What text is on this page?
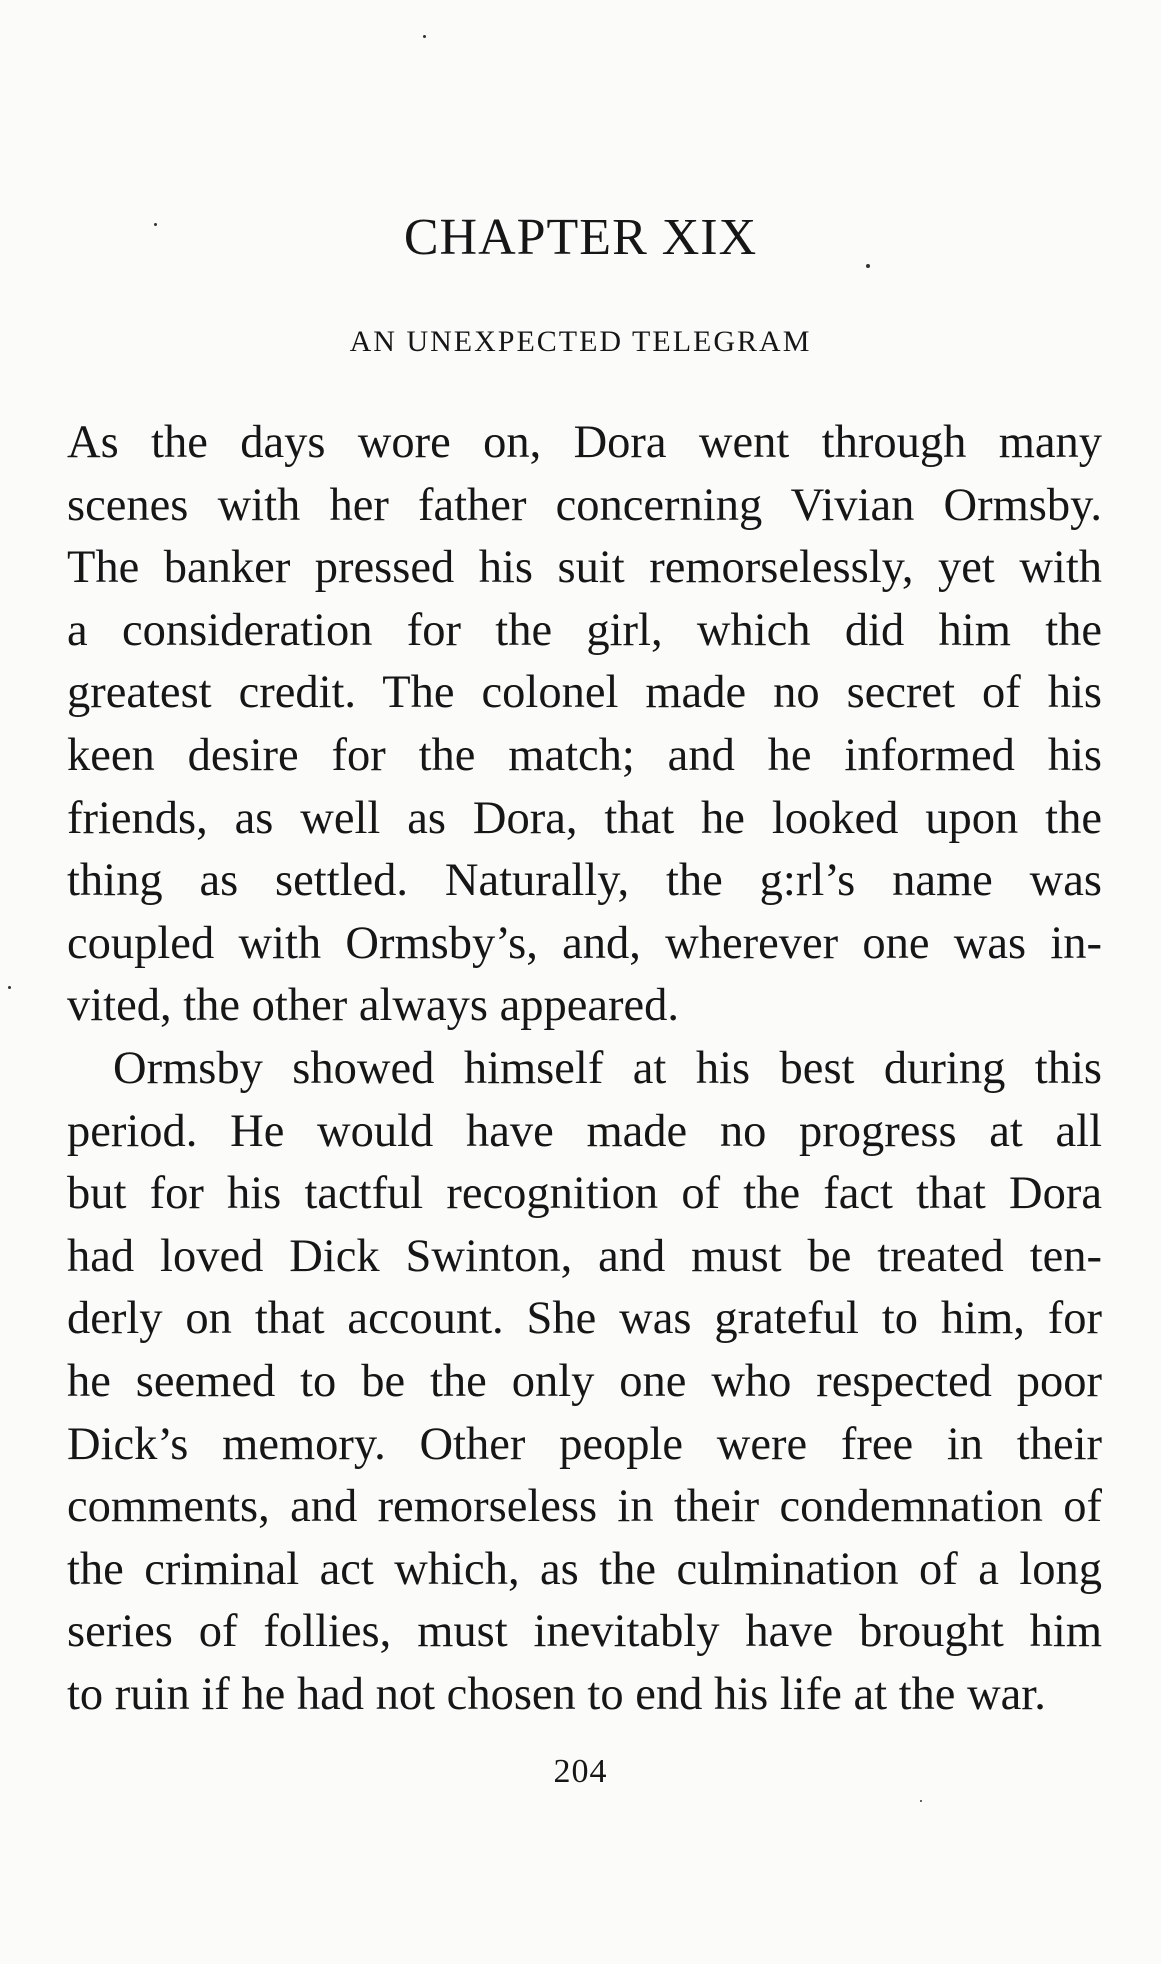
CHAPTER XIX
AN UNEXPECTED TELEGRAM

As the days wore on, Dora went through many
scenes with her father concerning Vivian Ormsby.
The banker pressed his suit remorselessly, yet with
a consideration for the girl, which did him the
greatest credit. The colonel made no secret of his
keen desire for the match; and he informed his
friends, as well as Dora, that he looked upon the
thing as settled. Naturally, the g:rl’s name was
coupled with Ormsby’s, and, wherever one was in-
vited, the other always appeared.

Ormsby showed himself at his best during this
period. He would have made no progress at all
but for his tactful recognition of the fact that Dora
had loved Dick Swinton, and must be treated ten-
derly on that account. She was grateful to him, for
he seemed to be the only one who respected poor
Dick’s memory. Other people were free in their
comments, and remorseless in their condemnation of
the criminal act which, as the culmination of a long
series of follies, must inevitably have brought him
to ruin if he had not chosen to end his life at the war.

204
